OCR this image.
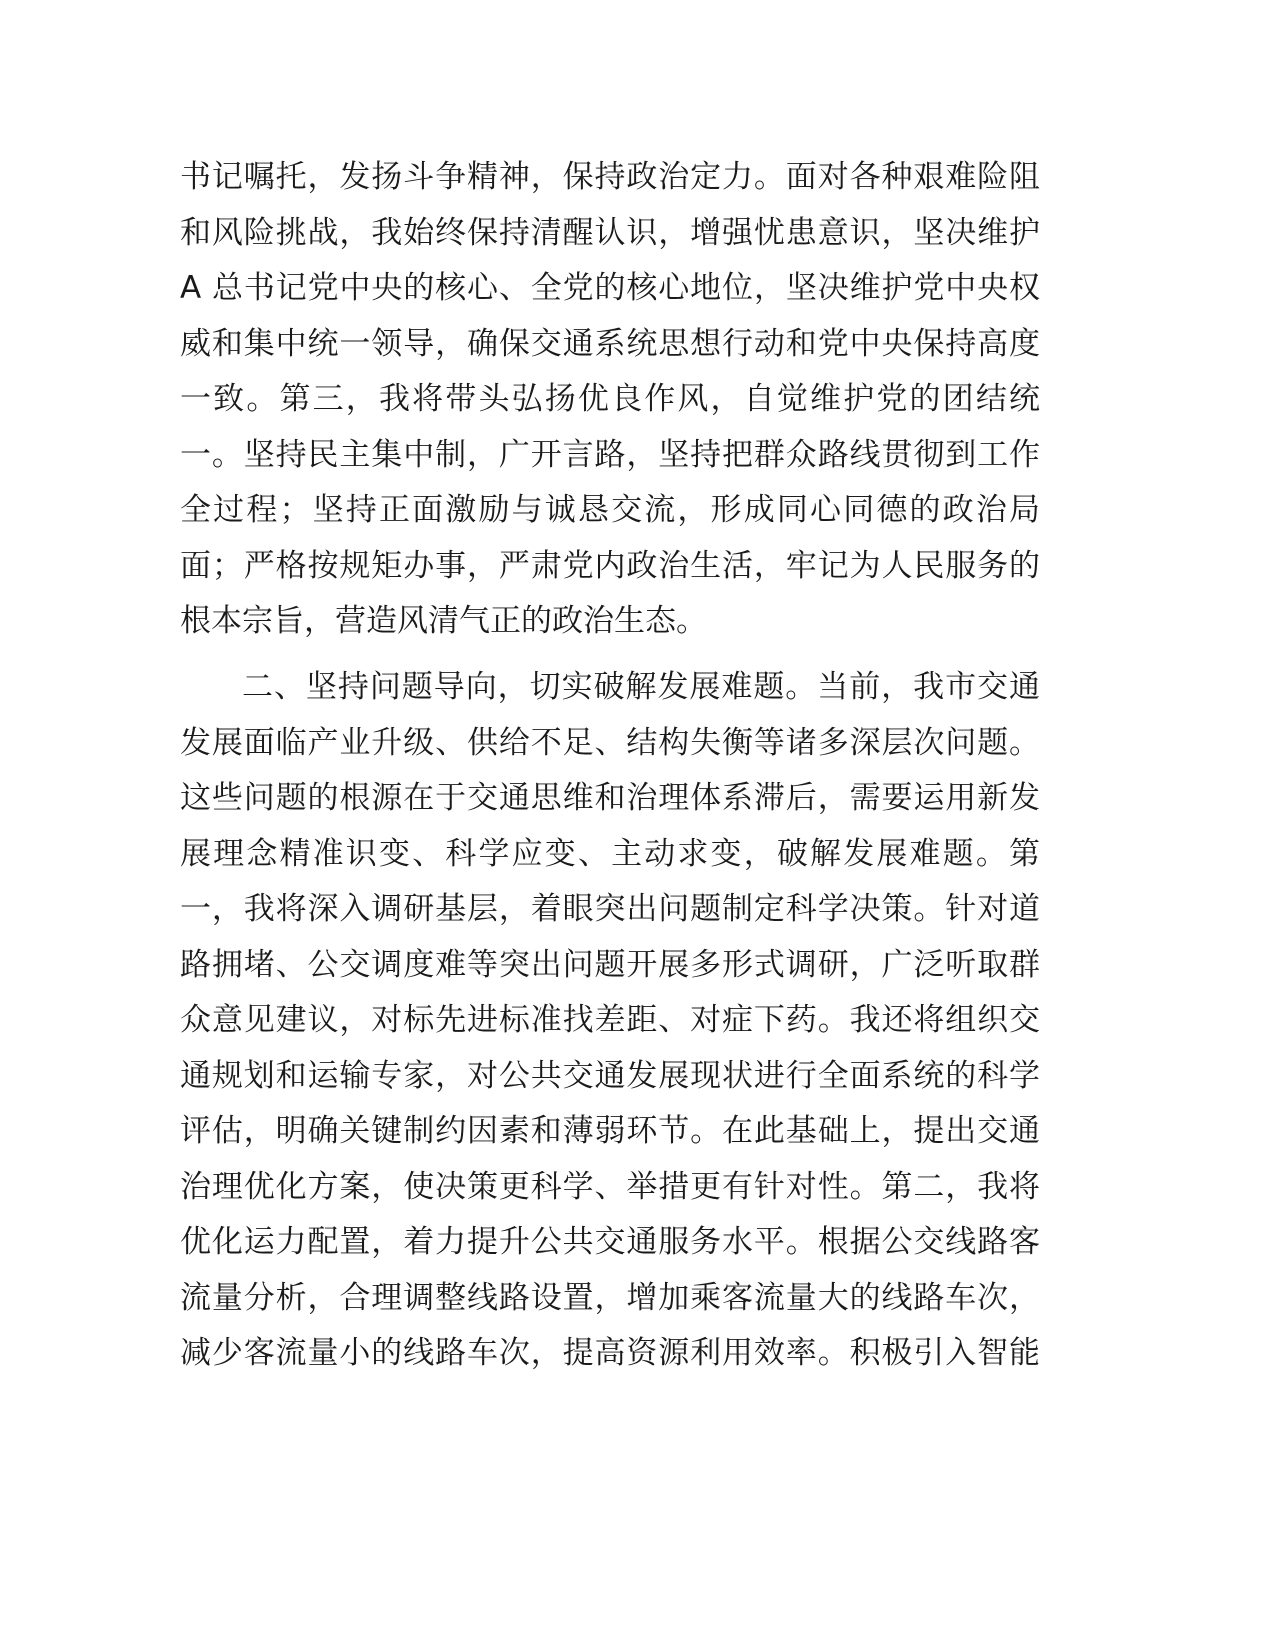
书记嘱托，发扬斗争精神，保持政治定力。面对各种艰难险阻
和风险挑战，我始终保持清醒认识，增强忧患意识，坚决维护
A 总书记党中央的核心、全党的核心地位，坚决维护党中央权
威和集中统一领导，确保交通系统思想行动和党中央保持高度
一致。第三，我将带头弘扬优良作风，自觉维护党的团结统
一。坚持民主集中制，广开言路，坚持把群众路线贯彻到工作
全过程；坚持正面激励与诚恳交流，形成同心同德的政治局
面；严格按规矩办事，严肃党内政治生活，牢记为人民服务的
根本宗旨，营造风清气正的政治生态。
二、坚持问题导向，切实破解发展难题。当前，我市交通
发展面临产业升级、供给不足、结构失衡等诸多深层次问题。
这些问题的根源在于交通思维和治理体系滞后，需要运用新发
展理念精准识变、科学应变、主动求变，破解发展难题。第
一，我将深入调研基层，着眼突出问题制定科学决策。针对道
路拥堵、公交调度难等突出问题开展多形式调研，广泛听取群
众意见建议，对标先进标准找差距、对症下药。我还将组织交
通规划和运输专家，对公共交通发展现状进行全面系统的科学
评估，明确关键制约因素和薄弱环节。在此基础上，提出交通
治理优化方案，使决策更科学、举措更有针对性。第二，我将
优化运力配置，着力提升公共交通服务水平。根据公交线路客
流量分析，合理调整线路设置，增加乘客流量大的线路车次，
减少客流量小的线路车次，提高资源利用效率。积极引入智能
